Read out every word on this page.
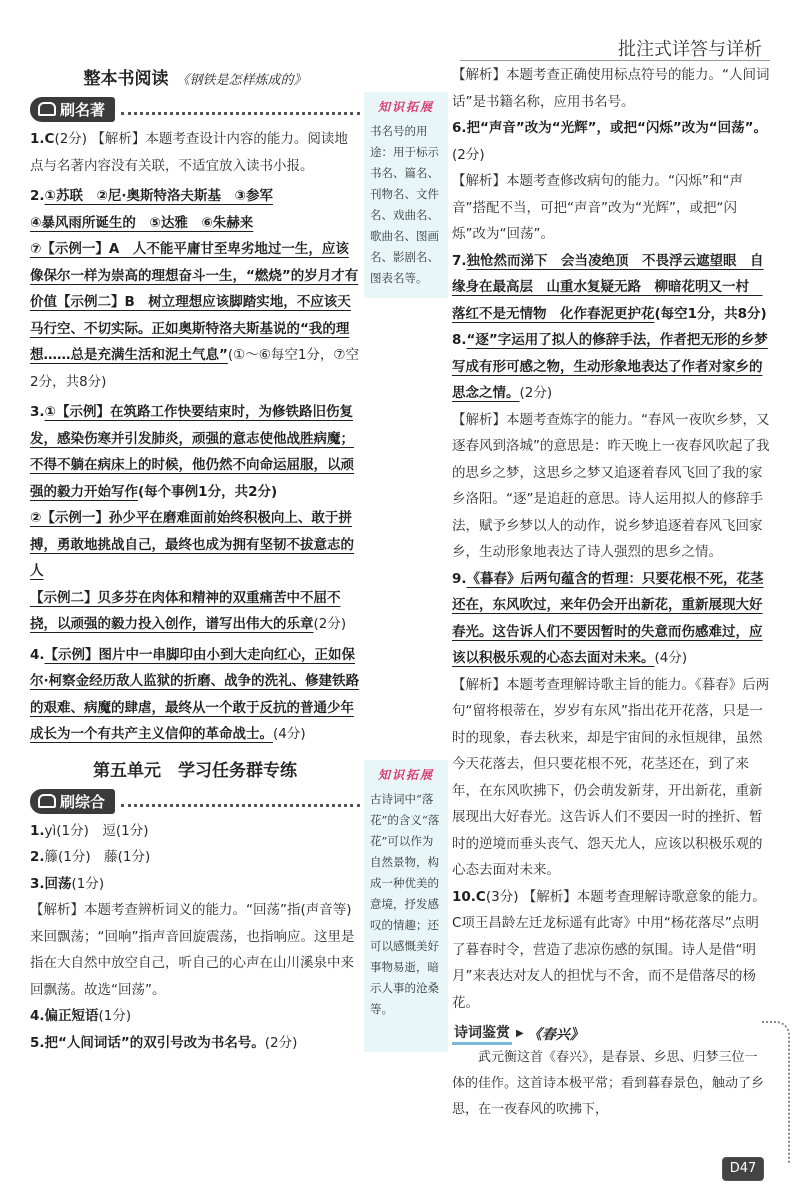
批注式详答与详析
知识拓展
书名号的用途：用于标示书名、篇名、刊物名、文件名、戏曲名、歌曲名、图画名、影剧名、图表名等。
知识拓展
古诗词中“落花”的含义“落花”可以作为自然景物，构成一种优美的意境，抒发感叹的情趣；还可以感慨美好事物易逝，暗示人事的沧桑等。
整本书阅读 《钢铁是怎样炼成的》
刷名著
1.C(2分) 【解析】本题考查设计内容的能力。阅读地点与名著内容没有关联，不适宜放入读书小报。
2.①苏联　②尼·奥斯特洛夫斯基　③参军
④暴风雨所诞生的　⑤达雅　⑥朱赫来
⑦【示例一】A　人不能平庸甘至卑劣地过一生，应该像保尔一样为崇高的理想奋斗一生，“燃烧”的岁月才有价值【示例二】B　树立理想应该脚踏实地，不应该天马行空、不切实际。正如奥斯特洛夫斯基说的“我的理想……总是充满生活和泥土气息”(①～⑥每空1分，⑦空2分，共8分)
3.①【示例】在筑路工作快要结束时，为修铁路旧伤复发，感染伤寒并引发肺炎，顽强的意志使他战胜病魔；不得不躺在病床上的时候，他仍然不向命运屈服，以顽强的毅力开始写作(每个事例1分，共2分)
②【示例一】孙少平在磨难面前始终积极向上、敢于拼搏，勇敢地挑战自己，最终也成为拥有坚韧不拔意志的人
【示例二】贝多芬在肉体和精神的双重痛苦中不屈不挠，以顽强的毅力投入创作，谱写出伟大的乐章(2分)
4.【示例】图片中一串脚印由小到大走向红心，正如保尔·柯察金经历敌人监狱的折磨、战争的洗礼、修建铁路的艰难、病魔的肆虐，最终从一个敢于反抗的普通少年成长为一个有共产主义信仰的革命战士。(4分)
第五单元　学习任务群专练
刷综合
1.yì(1分)　逗(1分)
2.籐(1分)　藤(1分)
3.回荡(1分)
【解析】本题考查辨析词义的能力。“回荡”指(声音等)来回飘荡；“回响”指声音回旋震荡，也指响应。这里是指在大自然中放空自己，听自己的心声在山川溪泉中来回飘荡。故选“回荡”。
4.偏正短语(1分)
5.把“人间词话”的双引号改为书名号。(2分)
【解析】本题考查正确使用标点符号的能力。“人间词话”是书籍名称，应用书名号。
6.把“声音”改为“光辉”，或把“闪烁”改为“回荡”。(2分)
【解析】本题考查修改病句的能力。“闪烁”和“声音”搭配不当，可把“声音”改为“光辉”，或把“闪烁”改为“回荡”。
7.独怆然而涕下　会当凌绝顶　不畏浮云遮望眼　自缘身在最高层　山重水复疑无路　柳暗花明又一村　落红不是无情物　化作春泥更护花(每空1分，共8分)
8.“逐”字运用了拟人的修辞手法，作者把无形的乡梦写成有形可感之物，生动形象地表达了作者对家乡的思念之情。(2分)
【解析】本题考查炼字的能力。“春风一夜吹乡梦，又逐春风到洛城”的意思是：昨天晚上一夜春风吹起了我的思乡之梦，这思乡之梦又追逐着春风飞回了我的家乡洛阳。“逐”是追赶的意思。诗人运用拟人的修辞手法，赋予乡梦以人的动作，说乡梦追逐着春风飞回家乡，生动形象地表达了诗人强烈的思乡之情。
9.《暮春》后两句蕴含的哲理：只要花根不死，花茎还在，东风吹过，来年仍会开出新花，重新展现大好春光。这告诉人们不要因暂时的失意而伤感难过，应该以积极乐观的心态去面对未来。(4分)
【解析】本题考查理解诗歌主旨的能力。《暮春》后两句“留将根蒂在，岁岁有东风”指出花开花落，只是一时的现象，春去秋来，却是宇宙间的永恒规律，虽然今天花落去，但只要花根不死，花茎还在，到了来年，在东风吹拂下，仍会萌发新芽，开出新花，重新展现出大好春光。这告诉人们不要因一时的挫折、暂时的逆境而垂头丧气、怨天尤人，应该以积极乐观的心态去面对未来。
10.C(3分) 【解析】本题考查理解诗歌意象的能力。C项王昌龄左迁龙标遥有此寄》中用“杨花落尽”点明了暮春时令，营造了悲凉伤感的氛围。诗人是借“明月”来表达对友人的担忧与不舍，而不是借落尽的杨花。
诗词鉴赏 ▶ 《春兴》
武元衡这首《春兴》，是春景、乡思、归梦三位一体的佳作。这首诗本极平常；看到暮春景色，触动了乡思，在一夜春风的吹拂下，
D47
